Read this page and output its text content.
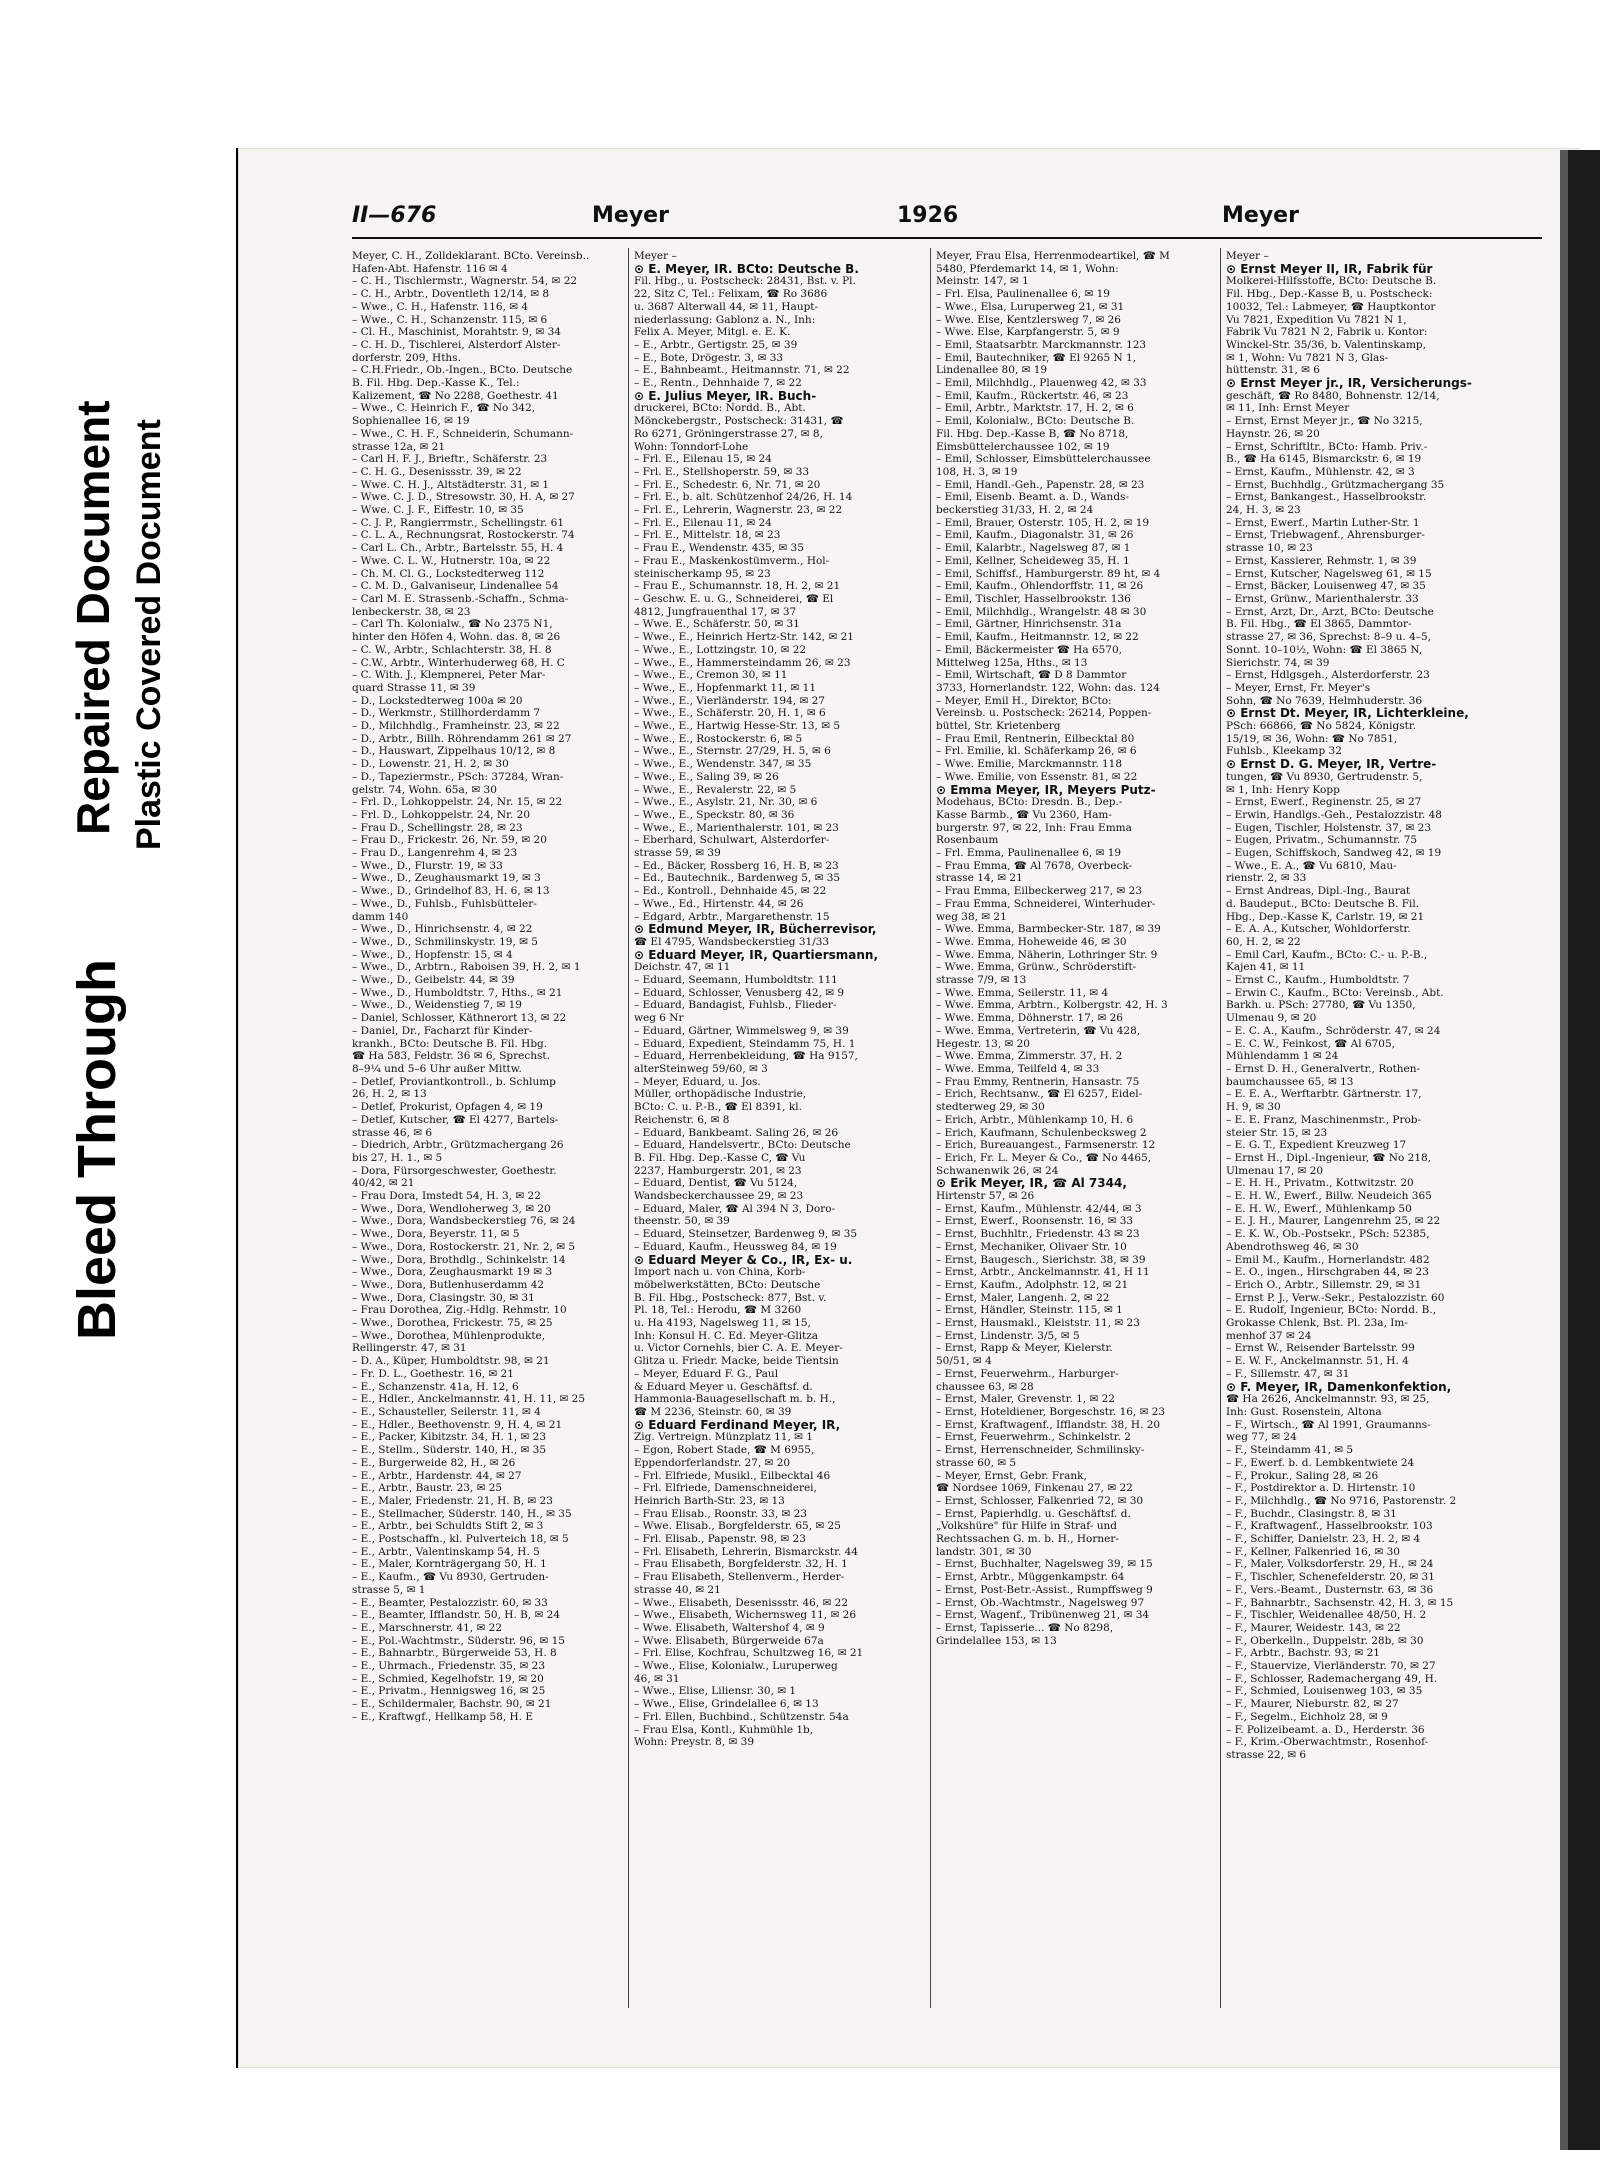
Bleed Through
Repaired Document Plastic Covered Document
II—676	Meyer	1926	Meyer
Meyer, C. H., Zolldeklarant. BCto. Vereinsb..
Hafen-Abt. Hafenstr. 116 ✉ 4
– C. H., Tischlermstr., Wagnerstr. 54, ✉ 22
– C. H., Arbtr., Doventleth 12/14, ✉ 8
– Wwe., C. H., Hafenstr. 116, ✉ 4
– Wwe., C. H., Schanzenstr. 115, ✉ 6
– Cl. H., Maschinist, Morahtstr. 9, ✉ 34
– C. H. D., Tischlerei, Alsterdorf Alster-
dorferstr. 209, Hths.
– C.H.Friedr., Ob.-Ingen., BCto. Deutsche
B. Fil. Hbg. Dep.-Kasse K., Tel.:
Kalizement, ☎ No 2288, Goethestr. 41
– Wwe., C. Heinrich F., ☎ No 342,
Sophienallee 16, ✉ 19
– Wwe., C. H. F., Schneiderin, Schumann-
strasse 12a, ✉ 21
– Carl H. F. J., Brieftr., Schäferstr. 23
– C. H. G., Desenissstr. 39, ✉ 22
– Wwe. C. H. J., Altstädterstr. 31, ✉ 1
– Wwe. C. J. D., Stresowstr. 30, H. A, ✉ 27
– Wwe. C. J. F., Eiffestr. 10, ✉ 35
– C. J. P., Rangierrmstr., Schellingstr. 61
– C. L. A., Rechnungsrat, Rostockerstr. 74
– Carl L. Ch., Arbtr., Bartelsstr. 55, H. 4
– Wwe. C. L. W., Hutnerstr. 10a, ✉ 22
– Ch. M. Cl. G., Lockstedterweg 112
– C. M. D., Galvaniseur, Lindenallee 54
– Carl M. E. Strassenb.-Schaffn., Schma-
lenbeckerstr. 38, ✉ 23
– Carl Th. Kolonialw., ☎ No 2375 N1,
hinter den Höfen 4, Wohn. das. 8, ✉ 26
– C. W., Arbtr., Schlachterstr. 38, H. 8
– C.W., Arbtr., Winterhuderweg 68, H. C
– C. With. J., Klempnerei, Peter Mar-
quard Strasse 11, ✉ 39
– D., Lockstedterweg 100a ✉ 20
– D., Werkmstr., Stillhorderdamm 7
– D., Milchhdlg., Framheinstr. 23, ✉ 22
– D., Arbtr., Billh. Röhrendamm 261 ✉ 27
– D., Hauswart, Zippelhaus 10/12, ✉ 8
– D., Lowenstr. 21, H. 2, ✉ 30
– D., Tapeziermstr., PSch: 37284, Wran-
gelstr. 74, Wohn. 65a, ✉ 30
– Frl. D., Lohkoppelstr. 24, Nr. 15, ✉ 22
– Frl. D., Lohkoppelstr. 24, Nr. 20
– Frau D., Schellingstr. 28, ✉ 23
– Frau D., Frickestr. 26, Nr. 59, ✉ 20
– Frau D., Langenrehm 4, ✉ 23
– Wwe., D., Flurstr. 19, ✉ 33
– Wwe., D., Zeughausmarkt 19, ✉ 3
– Wwe., D., Grindelhof 83, H. 6, ✉ 13
– Wwe., D., Fuhlsb., Fuhlsbütteler-
damm 140
– Wwe., D., Hinrichsenstr. 4, ✉ 22
– Wwe., D., Schmilinskystr. 19, ✉ 5
– Wwe., D., Hopfenstr. 15, ✉ 4
– Wwe., D., Arbtrn., Raboisen 39, H. 2, ✉ 1
– Wwe., D., Geibelstr. 44, ✉ 39
– Wwe., D., Humboldtstr. 7, Hths., ✉ 21
– Wwe., D., Weidenstieg 7, ✉ 19
– Daniel, Schlosser, Käthnerort 13, ✉ 22
– Daniel, Dr., Facharzt für Kinder-
krankh., BCto: Deutsche B. Fil. Hbg.
☎ Ha 583, Feldstr. 36 ✉ 6, Sprechst.
8–9¼ und 5–6 Uhr außer Mittw.
– Detlef, Proviantkontroll., b. Schlump
26, H. 2, ✉ 13
– Detlef, Prokurist, Opfagen 4, ✉ 19
– Detlef, Kutscher, ☎ El 4277, Bartels-
strasse 46, ✉ 6
– Diedrich, Arbtr., Grützmachergang 26
bis 27, H. 1., ✉ 5
– Dora, Fürsorgeschwester, Goethestr.
40/42, ✉ 21
– Frau Dora, Imstedt 54, H. 3, ✉ 22
– Wwe., Dora, Wendloherweg 3, ✉ 20
– Wwe., Dora, Wandsbeckerstieg 76, ✉ 24
– Wwe., Dora, Beyerstr. 11, ✉ 5
– Wwe., Dora, Rostockerstr. 21, Nr. 2, ✉ 5
– Wwe., Dora, Brothdlg., Schinkelstr. 14
– Wwe., Dora, Zeughausmarkt 19 ✉ 3
– Wwe., Dora, Butlenhuserdamm 42
– Wwe., Dora, Clasingstr. 30, ✉ 31
– Frau Dorothea, Zig.-Hdlg. Rehmstr. 10
– Wwe., Dorothea, Frickestr. 75, ✉ 25
– Wwe., Dorothea, Mühlenprodukte,
Rellingerstr. 47, ✉ 31
– D. A., Küper, Humboldtstr. 98, ✉ 21
– Fr. D. L., Goethestr. 16, ✉ 21
– E., Schanzenstr. 41a, H. 12, 6
– E., Hdler., Anckelmannstr. 41, H. 11, ✉ 25
– E., Schausteller, Seilerstr. 11, ✉ 4
– E., Hdler., Beethovenstr. 9, H. 4, ✉ 21
– E., Packer, Kibitzstr. 34, H. 1, ✉ 23
– E., Stellm., Süderstr. 140, H., ✉ 35
– E., Burgerweide 82, H., ✉ 26
– E., Arbtr., Hardenstr. 44, ✉ 27
– E., Arbtr., Baustr. 23, ✉ 25
– E., Maler, Friedenstr. 21, H. B, ✉ 23
– E., Stellmacher, Süderstr. 140, H., ✉ 35
– E., Arbtr., bei Schuldts Stift 2, ✉ 3
– E., Postschaffn., kl. Pulverteich 18, ✉ 5
– E., Arbtr., Valentinskamp 54, H. 5
– E., Maler, Kornträgergang 50, H. 1
– E., Kaufm., ☎ Vu 8930, Gertruden-
strasse 5, ✉ 1
– E., Beamter, Pestalozzistr. 60, ✉ 33
– E., Beamter, Ifflandstr. 50, H. B, ✉ 24
– E., Marschnerstr. 41, ✉ 22
– E., Pol.-Wachtmstr., Süderstr. 96, ✉ 15
– E., Bahnarbtr., Bürgerweide 53, H. 8
– E., Uhrmach., Friedenstr. 35, ✉ 23
– E., Schmied, Kegelhofstr. 19, ✉ 20
– E., Privatm., Hennigsweg 16, ✉ 25
– E., Schildermaler, Bachstr. 90, ✉ 21
– E., Kraftwgf., Hellkamp 58, H. E
Meyer –
⊙ E. Meyer, IR. BCto: Deutsche B.
Fil. Hbg., u. Postscheck: 28431, Bst. v. Pl.
22, Sitz C, Tel.: Felixam, ☎ Ro 3686
u. 3687 Alterwall 44, ✉ 11, Haupt-
niederlassung: Gablonz a. N., Inh:
Felix A. Meyer, Mitgl. e. E. K.
– E., Arbtr., Gertigstr. 25, ✉ 39
– E., Bote, Drögestr. 3, ✉ 33
– E., Bahnbeamt., Heitmannstr. 71, ✉ 22
– E., Rentn., Dehnhaide 7, ✉ 22
⊙ E. Julius Meyer, IR. Buch-
druckerei, BCto: Nordd. B., Abt.
Mönckebergstr., Postscheck: 31431, ☎
Ro 6271, Gröningerstrasse 27, ✉ 8,
Wohn: Tonndorf-Lohe
– Frl. E., Eilenau 15, ✉ 24
– Frl. E., Stellshoperstr. 59, ✉ 33
– Frl. E., Schedestr. 6, Nr. 71, ✉ 20
– Frl. E., b. alt. Schützenhof 24/26, H. 14
– Frl. E., Lehrerin, Wagnerstr. 23, ✉ 22
– Frl. E., Eilenau 11, ✉ 24
– Frl. E., Mittelstr. 18, ✉ 23
– Frau E., Wendenstr. 435, ✉ 35
– Frau E., Maskenkostümverm., Hol-
steinischerkamp 95, ✉ 23
– Frau E., Schumannstr. 18, H. 2, ✉ 21
– Geschw. E. u. G., Schneiderei, ☎ El
4812, Jungfrauenthal 17, ✉ 37
– Wwe. E., Schäferstr. 50, ✉ 31
– Wwe., E., Heinrich Hertz-Str. 142, ✉ 21
– Wwe., E., Lottzingstr. 10, ✉ 22
– Wwe., E., Hammersteindamm 26, ✉ 23
– Wwe., E., Cremon 30, ✉ 11
– Wwe., E., Hopfenmarkt 11, ✉ 11
– Wwe., E., Vierländerstr. 194, ✉ 27
– Wwe., E., Schäferstr. 20, H. 1, ✉ 6
– Wwe., E., Hartwig Hesse-Str. 13, ✉ 5
– Wwe., E., Rostockerstr. 6, ✉ 5
– Wwe., E., Sternstr. 27/29, H. 5, ✉ 6
– Wwe., E., Wendenstr. 347, ✉ 35
– Wwe., E., Saling 39, ✉ 26
– Wwe., E., Revalerstr. 22, ✉ 5
– Wwe., E., Asylstr. 21, Nr. 30, ✉ 6
– Wwe., E., Speckstr. 80, ✉ 36
– Wwe., E., Marienthalerstr. 101, ✉ 23
– Eberhard, Schulwart, Alsterdorfer-
strasse 59, ✉ 39
– Ed., Bäcker, Rossberg 16, H. B, ✉ 23
– Ed., Bautechnik., Bardenweg 5, ✉ 35
– Ed., Kontroll., Dehnhaide 45, ✉ 22
– Wwe., Ed., Hirtenstr. 44, ✉ 26
– Edgard, Arbtr., Margarethenstr. 15
⊙ Edmund Meyer, IR, Bücherrevisor,
☎ El 4795, Wandsbeckerstieg 31/33
⊙ Eduard Meyer, IR, Quartiersmann,
Deichstr. 47, ✉ 11
– Eduard, Seemann, Humboldtstr. 111
– Eduard, Schlosser, Venusberg 42, ✉ 9
– Eduard, Bandagist, Fuhlsb., Flieder-
weg 6 Nr
– Eduard, Gärtner, Wimmelsweg 9, ✉ 39
– Eduard, Expedient, Steindamm 75, H. 1
– Eduard, Herrenbekleidung, ☎ Ha 9157,
alterSteinweg 59/60, ✉ 3
– Meyer, Eduard, u. Jos.
Müller, orthopädische Industrie,
BCto: C. u. P.-B., ☎ El 8391, kl.
Reichenstr. 6, ✉ 8
– Eduard, Bankbeamt. Saling 26, ✉ 26
– Eduard, Handelsvertr., BCto: Deutsche
B. Fil. Hbg. Dep.-Kasse C, ☎ Vu
2237, Hamburgerstr. 201, ✉ 23
– Eduard, Dentist, ☎ Vu 5124,
Wandsbeckerchaussee 29, ✉ 23
– Eduard, Maler, ☎ Al 394 N 3, Doro-
theenstr. 50, ✉ 39
– Eduard, Steinsetzer, Bardenweg 9, ✉ 35
– Eduard, Kaufm., Heussweg 84, ✉ 19
⊙ Eduard Meyer & Co., IR, Ex- u.
Import nach u. von China, Korb-
möbelwerkstätten, BCto: Deutsche
B. Fil. Hbg., Postscheck: 877, Bst. v.
Pl. 18, Tel.: Herodu, ☎ M 3260
u. Ha 4193, Nagelsweg 11, ✉ 15,
Inh: Konsul H. C. Ed. Meyer-Glitza
u. Victor Cornehls, bier C. A. E. Meyer-
Glitza u. Friedr. Macke, beide Tientsin
– Meyer, Eduard F. G., Paul
& Eduard Meyer u. Geschäftsf. d.
Hammonia-Bauagesellschaft m. b. H.,
☎ M 2236, Steinstr. 60, ✉ 39
⊙ Eduard Ferdinand Meyer, IR,
Zig. Vertreign. Münzplatz 11, ✉ 1
– Egon, Robert Stade, ☎ M 6955,
Eppendorferlandstr. 27, ✉ 20
– Frl. Elfriede, Musikl., Eilbecktal 46
– Frl. Elfriede, Damenschneiderei,
Heinrich Barth-Str. 23, ✉ 13
– Frau Elisab., Roonstr. 33, ✉ 23
– Wwe. Elisab., Borgfelderstr. 65, ✉ 25
– Frl. Elisab., Papenstr. 98, ✉ 23
– Frl. Elisabeth, Lehrerin, Bismarckstr. 44
– Frau Elisabeth, Borgfelderstr. 32, H. 1
– Frau Elisabeth, Stellenverm., Herder-
strasse 40, ✉ 21
– Wwe., Elisabeth, Desenissstr. 46, ✉ 22
– Wwe., Elisabeth, Wichernsweg 11, ✉ 26
– Wwe. Elisabeth, Waltershof 4, ✉ 9
– Wwe. Elisabeth, Bürgerweide 67a
– Frl. Elise, Kochfrau, Schultzweg 16, ✉ 21
– Wwe., Elise, Kolonialw., Luruperweg
46, ✉ 31
– Wwe., Elise, Liliensr. 30, ✉ 1
– Wwe., Elise, Grindelallee 6, ✉ 13
– Frl. Ellen, Buchbind., Schützenstr. 54a
– Frau Elsa, Kontl., Kuhmühle 1b,
Wohn: Preystr. 8, ✉ 39
Meyer, Frau Elsa, Herrenmodeartikel, ☎ M
5480, Pferdemarkt 14, ✉ 1, Wohn:
Meinstr. 147, ✉ 1
– Frl. Elsa, Paulinenallee 6, ✉ 19
– Wwe., Elsa, Luruperweg 21, ✉ 31
– Wwe. Else, Kentzlersweg 7, ✉ 26
– Wwe. Else, Karpfangerstr. 5, ✉ 9
– Emil, Staatsarbtr. Marckmannstr. 123
– Emil, Bautechniker, ☎ El 9265 N 1,
Lindenallee 80, ✉ 19
– Emil, Milchhdlg., Plauenweg 42, ✉ 33
– Emil, Kaufm., Rückertstr. 46, ✉ 23
– Emil, Arbtr., Marktstr. 17, H. 2, ✉ 6
– Emil, Kolonialw., BCto: Deutsche B.
Fil. Hbg. Dep.-Kasse B, ☎ No 8718,
Eimsbüttelerchaussee 102, ✉ 19
– Emil, Schlosser, Eimsbüttelerchaussee
108, H. 3, ✉ 19
– Emil, Handl.-Geh., Papenstr. 28, ✉ 23
– Emil, Eisenb. Beamt. a. D., Wands-
beckerstieg 31/33, H. 2, ✉ 24
– Emil, Brauer, Osterstr. 105, H. 2, ✉ 19
– Emil, Kaufm., Diagonalstr. 31, ✉ 26
– Emil, Kalarbtr., Nagelsweg 87, ✉ 1
– Emil, Kellner, Scheideweg 35, H. 1
– Emil, Schiffsf., Hamburgerstr. 89 ht, ✉ 4
– Emil, Kaufm., Ohlendorffstr. 11, ✉ 26
– Emil, Tischler, Hasselbrookstr. 136
– Emil, Milchhdlg., Wrangelstr. 48 ✉ 30
– Emil, Gärtner, Hinrichsenstr. 31a
– Emil, Kaufm., Heitmannstr. 12, ✉ 22
– Emil, Bäckermeister ☎ Ha 6570,
Mittelweg 125a, Hths., ✉ 13
– Emil, Wirtschaft, ☎ D 8 Dammtor
3733, Hornerlandstr. 122, Wohn: das. 124
– Meyer, Emil H., Direktor, BCto:
Vereinsb. u. Postscheck: 26214, Poppen-
büttel, Str. Krietenberg
– Frau Emil, Rentnerin, Eilbecktal 80
– Frl. Emilie, kl. Schäferkamp 26, ✉ 6
– Wwe. Emilie, Marckmannstr. 118
– Wwe. Emilie, von Essenstr. 81, ✉ 22
⊙ Emma Meyer, IR, Meyers Putz-
Modehaus, BCto: Dresdn. B., Dep.-
Kasse Barmb., ☎ Vu 2360, Ham-
burgerstr. 97, ✉ 22, Inh: Frau Emma
Rosenbaum
– Frl. Emma, Paulinenallee 6, ✉ 19
– Frau Emma, ☎ Al 7678, Overbeck-
strasse 14, ✉ 21
– Frau Emma, Eilbeckerweg 217, ✉ 23
– Frau Emma, Schneiderei, Winterhuder-
weg 38, ✉ 21
– Wwe. Emma, Barmbecker-Str. 187, ✉ 39
– Wwe. Emma, Hoheweide 46, ✉ 30
– Wwe. Emma, Näherin, Lothringer Str. 9
– Wwe. Emma, Grünw., Schröderstift-
strasse 7/9, ✉ 13
– Wwe. Emma, Seilerstr. 11, ✉ 4
– Wwe. Emma, Arbtrn., Kolbergstr. 42, H. 3
– Wwe. Emma, Döhnerstr. 17, ✉ 26
– Wwe. Emma, Vertreterin, ☎ Vu 428,
Hegestr. 13, ✉ 20
– Wwe. Emma, Zimmerstr. 37, H. 2
– Wwe. Emma, Teilfeld 4, ✉ 33
– Frau Emmy, Rentnerin, Hansastr. 75
– Erich, Rechtsanw., ☎ El 6257, Eidel-
stedterweg 29, ✉ 30
– Erich, Arbtr., Mühlenkamp 10, H. 6
– Erich, Kaufmann, Schulenbecksweg 2
– Erich, Bureauangest., Farmsenerstr. 12
– Erich, Fr. L. Meyer & Co., ☎ No 4465,
Schwanenwik 26, ✉ 24
⊙ Erik Meyer, IR, ☎ Al 7344,
Hirtenstr 57, ✉ 26
– Ernst, Kaufm., Mühlenstr. 42/44, ✉ 3
– Ernst, Ewerf., Roonsenstr. 16, ✉ 33
– Ernst, Buchhltr., Friedenstr. 43 ✉ 23
– Ernst, Mechaniker, Olivaer Str. 10
– Ernst, Baugesch., Sierichstr. 38, ✉ 39
– Ernst, Arbtr., Anckelmannstr. 41, H 11
– Ernst, Kaufm., Adolphstr. 12, ✉ 21
– Ernst, Maler, Langenh. 2, ✉ 22
– Ernst, Händler, Steinstr. 115, ✉ 1
– Ernst, Hausmakl., Kleiststr. 11, ✉ 23
– Ernst, Lindenstr. 3/5, ✉ 5
– Ernst, Rapp & Meyer, Kielerstr.
50/51, ✉ 4
– Ernst, Feuerwehrm., Harburger-
chaussee 63, ✉ 28
– Ernst, Maler, Grevenstr. 1, ✉ 22
– Ernst, Hoteldiener, Borgeschstr. 16, ✉ 23
– Ernst, Kraftwagenf., Ifflandstr. 38, H. 20
– Ernst, Feuerwehrm., Schinkelstr. 2
– Ernst, Herrenschneider, Schmilinsky-
strasse 60, ✉ 5
– Meyer, Ernst, Gebr. Frank,
☎ Nordsee 1069, Finkenau 27, ✉ 22
– Ernst, Schlosser, Falkenried 72, ✉ 30
– Ernst, Papierhdlg. u. Geschäftsf. d.
„Volkshüre" für Hilfe in Straf- und
Rechtssachen G. m. b. H., Horner-
landstr. 301, ✉ 30
– Ernst, Buchhalter, Nagelsweg 39, ✉ 15
– Ernst, Arbtr., Müggenkampstr. 64
– Ernst, Post-Betr.-Assist., Rumpffsweg 9
– Ernst, Ob.-Wachtmstr., Nagelsweg 97
– Ernst, Wagenf., Tribünenweg 21, ✉ 34
– Ernst, Tapisserie... ☎ No 8298,
Grindelallee 153, ✉ 13
Meyer –
⊙ Ernst Meyer II, IR, Fabrik für
Molkerei-Hilfsstoffe, BCto: Deutsche B.
Fil. Hbg., Dep.-Kasse B, u. Postscheck:
10032, Tel.: Labmeyer, ☎ Hauptkontor
Vu 7821, Expedition Vu 7821 N 1,
Fabrik Vu 7821 N 2, Fabrik u. Kontor:
Winckel-Str. 35/36, b. Valentinskamp,
✉ 1, Wohn: Vu 7821 N 3, Glas-
hüttenstr. 31, ✉ 6
⊙ Ernst Meyer jr., IR, Versicherungs-
geschäft, ☎ Ro 8480, Bohnenstr. 12/14,
✉ 11, Inh: Ernst Meyer
– Ernst, Ernst Meyer jr., ☎ No 3215,
Haynstr. 26, ✉ 20
– Ernst, Schriftltr., BCto: Hamb. Priv.-
B., ☎ Ha 6145, Bismarckstr. 6, ✉ 19
– Ernst, Kaufm., Mühlenstr. 42, ✉ 3
– Ernst, Buchhdlg., Grützmachergang 35
– Ernst, Bankangest., Hasselbrookstr.
24, H. 3, ✉ 23
– Ernst, Ewerf., Martin Luther-Str. 1
– Ernst, Triebwagenf., Ahrensburger-
strasse 10, ✉ 23
– Ernst, Kassierer, Rehmstr. 1, ✉ 39
– Ernst, Kutscher, Nagelsweg 61, ✉ 15
– Ernst, Bäcker, Louisenweg 47, ✉ 35
– Ernst, Grünw., Marienthalerstr. 33
– Ernst, Arzt, Dr., Arzt, BCto: Deutsche
B. Fil. Hbg., ☎ El 3865, Dammtor-
strasse 27, ✉ 36, Sprechst: 8–9 u. 4–5,
Sonnt. 10–10½, Wohn: ☎ El 3865 N,
Sierichstr. 74, ✉ 39
– Ernst, Hdlgsgeh., Alsterdorferstr. 23
– Meyer, Ernst, Fr. Meyer's
Sohn, ☎ No 7639, Helmhuderstr. 36
⊙ Ernst Dt. Meyer, IR, Lichterkleine,
PSch: 66866, ☎ No 5824, Königstr.
15/19, ✉ 36, Wohn: ☎ No 7851,
Fuhlsb., Kleekamp 32
⊙ Ernst D. G. Meyer, IR, Vertre-
tungen, ☎ Vu 8930, Gertrudenstr. 5,
✉ 1, Inh: Henry Kopp
– Ernst, Ewerf., Reginenstr. 25, ✉ 27
– Erwin, Handlgs.-Geh., Pestalozzistr. 48
– Eugen, Tischler, Holstenstr. 37, ✉ 23
– Eugen, Privatm., Schumannstr. 75
– Eugen, Schiffskoch, Sandweg 42, ✉ 19
– Wwe., E. A., ☎ Vu 6810, Mau-
rienstr. 2, ✉ 33
– Ernst Andreas, Dipl.-Ing., Baurat
d. Baudeput., BCto: Deutsche B. Fil.
Hbg., Dep.-Kasse K, Carlstr. 19, ✉ 21
– E. A. A., Kutscher, Wohldorferstr.
60, H. 2, ✉ 22
– Emil Carl, Kaufm., BCto: C.- u. P.-B.,
Kajen 41, ✉ 11
– Ernst C., Kaufm., Humboldtstr. 7
– Erwin C., Kaufm., BCto: Vereinsb., Abt.
Barkh. u. PSch: 27780, ☎ Vu 1350,
Ulmenau 9, ✉ 20
– E. C. A., Kaufm., Schröderstr. 47, ✉ 24
– E. C. W., Feinkost, ☎ Al 6705,
Mühlendamm 1 ✉ 24
– Ernst D. H., Generalvertr., Rothen-
baumchaussee 65, ✉ 13
– E. E. A., Werftarbtr. Gärtnerstr. 17,
H. 9, ✉ 30
– E. E. Franz, Maschinenmstr., Prob-
steier Str. 15, ✉ 23
– E. G. T., Expedient Kreuzweg 17
– Ernst H., Dipl.-Ingenieur, ☎ No 218,
Ulmenau 17, ✉ 20
– E. H. H., Privatm., Kottwitzstr. 20
– E. H. W., Ewerf., Billw. Neudeich 365
– E. H. W., Ewerf., Mühlenkamp 50
– E. J. H., Maurer, Langenrehm 25, ✉ 22
– E. K. W., Ob.-Postsekr., PSch: 52385,
Abendrothsweg 46, ✉ 30
– Emil M., Kaufm., Hornerlandstr. 482
– E. O., ingen., Hirschgraben 44, ✉ 23
– Erich O., Arbtr., Sillemstr. 29, ✉ 31
– Ernst P. J., Verw.-Sekr., Pestalozzistr. 60
– E. Rudolf, Ingenieur, BCto: Nordd. B.,
Grokasse Chlenk, Bst. Pl. 23a, Im-
menhof 37 ✉ 24
– Ernst W., Reisender Bartelsstr. 99
– E. W. F., Anckelmannstr. 51, H. 4
– F., Sillemstr. 47, ✉ 31
⊙ F. Meyer, IR, Damenkonfektion,
☎ Ha 2626, Anckelmannstr. 93, ✉ 25,
Inh: Gust. Rosenstein, Altona
– F., Wirtsch., ☎ Al 1991, Graumanns-
weg 77, ✉ 24
– F., Steindamm 41, ✉ 5
– F., Ewerf. b. d. Lembkentwiete 24
– F., Prokur., Saling 28, ✉ 26
– F., Postdirektor a. D. Hirtenstr. 10
– F., Milchhdlg., ☎ No 9716, Pastorenstr. 2
– F., Buchdr., Clasingstr. 8, ✉ 31
– F., Kraftwagenf., Hasselbrookstr. 103
– F., Schiffer, Danielstr. 23, H. 2, ✉ 4
– F., Kellner, Falkenried 16, ✉ 30
– F., Maler, Volksdorferstr. 29, H., ✉ 24
– F., Tischler, Schenefelderstr. 20, ✉ 31
– F., Vers.-Beamt., Dusternstr. 63, ✉ 36
– F., Bahnarbtr., Sachsenstr. 42, H. 3, ✉ 15
– F., Tischler, Weidenallee 48/50, H. 2
– F., Maurer, Weidestr. 143, ✉ 22
– F., Oberkelln., Duppelstr. 28b, ✉ 30
– F., Arbtr., Bachstr. 93, ✉ 21
– F., Stauervize, Vierländerstr. 70, ✉ 27
– F., Schlosser, Rademachergang 49, H.
– F., Schmied, Louisenweg 103, ✉ 35
– F., Maurer, Nieburstr. 82, ✉ 27
– F., Segelm., Eichholz 28, ✉ 9
– F. Polizeibeamt. a. D., Herderstr. 36
– F., Krim.-Oberwachtmstr., Rosenhof-
strasse 22, ✉ 6
